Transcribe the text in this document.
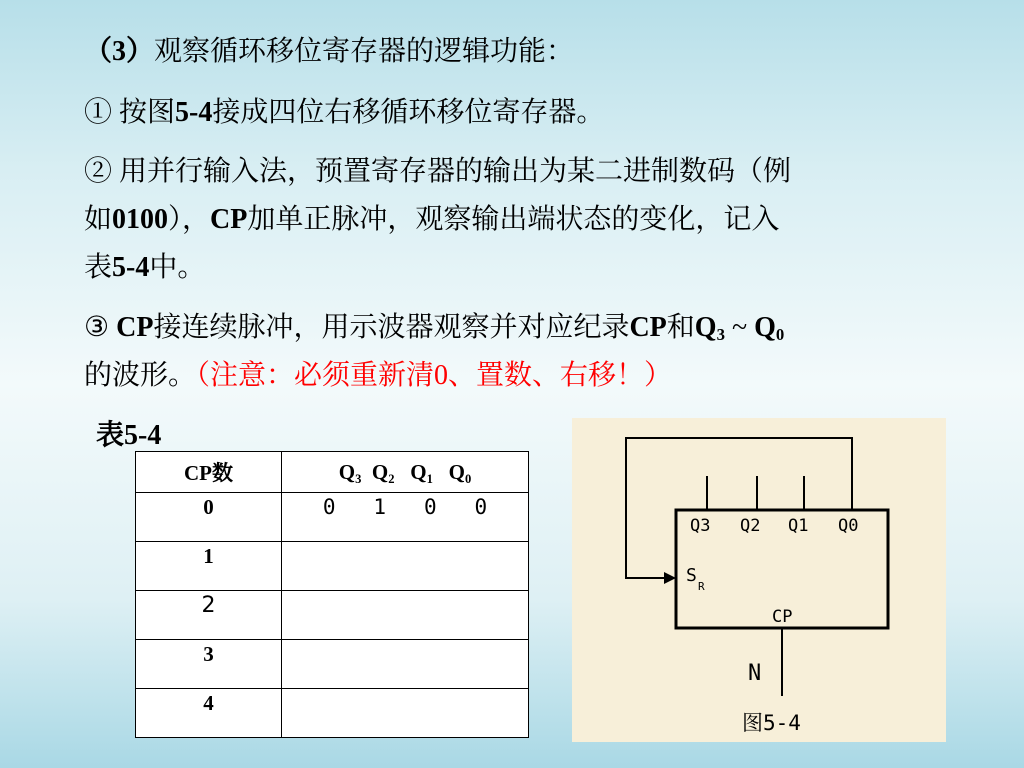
（3）观察循环移位寄存器的逻辑功能：
① 按图5-4接成四位右移循环移位寄存器。
② 用并行输入法，预置寄存器的输出为某二进制数码（例
如0100），CP加单正脉冲，观察输出端状态的变化，记入
表5-4中。
③ CP接连续脉冲，用示波器观察并对应纪录CP和$Q_3$ ~ $Q_0$
的波形。（注意：必须重新清0、置数、右移！）
表5-4
CP数	$Q_3$ $Q_2$ $Q_1$ $Q_0$
0	0   1   0   0
1	
2	
3	
4	
Q3 Q2 Q1 Q0
S
R
CP
N
图5-4
